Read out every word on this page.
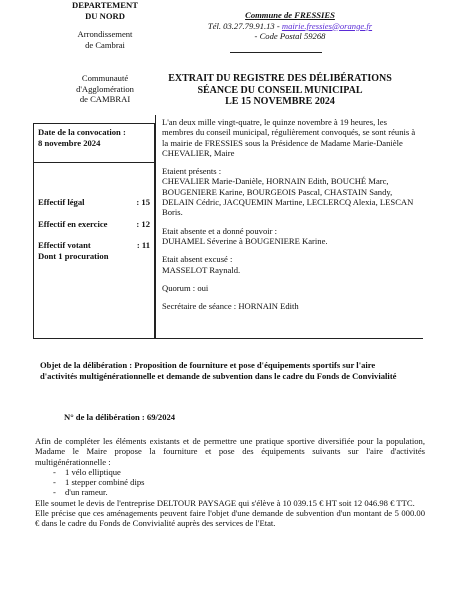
DEPARTEMENT
DU NORD
Arrondissement
de Cambrai
Commune de FRESSIES
Tél. 03.27.79.91.13 - mairie.fressies@orange.fr
- Code Postal 59268
Communauté
d'Agglomération
de CAMBRAI
EXTRAIT DU REGISTRE DES DÉLIBÉRATIONS
SÉANCE DU CONSEIL MUNICIPAL
LE 15 NOVEMBRE 2024
Date de la convocation :
8 novembre 2024
Effectif légal	: 15
Effectif en exercice	: 12
Effectif votant	: 11
Dont 1 procuration

L'an deux mille vingt-quatre, le quinze novembre à 19 heures, les membres du conseil municipal, régulièrement convoqués, se sont réunis à la mairie de FRESSIES sous la Présidence de Madame Marie-Danièle CHEVALIER, Maire

Etaient présents :

CHEVALIER Marie-Danièle, HORNAIN Edith, BOUCHÉ Marc, BOUGENIERE Karine, BOURGEOIS Pascal, CHASTAIN Sandy, DELAIN Cédric, JACQUEMIN Martine, LECLERCQ Alexia, LESCAN Boris.

Etait absente et a donné pouvoir :

DUHAMEL Séverine à BOUGENIERE Karine.

Etait absent excusé :

MASSELOT Raynald.

Quorum : oui

Secrétaire de séance : HORNAIN Edith

Objet de la délibération : Proposition de fourniture et pose d'équipements sportifs sur l'aire d'activités multigénérationnelle et demande de subvention dans le cadre du Fonds de Convivialité
N° de la délibération : 69/2024
Afin de compléter les éléments existants et de permettre une pratique sportive diversifiée pour la population, Madame le Maire propose la fourniture et pose des équipements suivants sur l'aire d'activités multigénérationnelle :
- 1 vélo elliptique
- 1 stepper combiné dips
- d'un rameur.
Elle soumet le devis de l'entreprise DELTOUR PAYSAGE qui s'élève à 10 039.15 € HT soit 12 046.98 € TTC.
Elle précise que ces aménagements peuvent faire l'objet d'une demande de subvention d'un montant de 5 000.00 € dans le cadre du Fonds de Convivialité auprès des services de l'Etat.
